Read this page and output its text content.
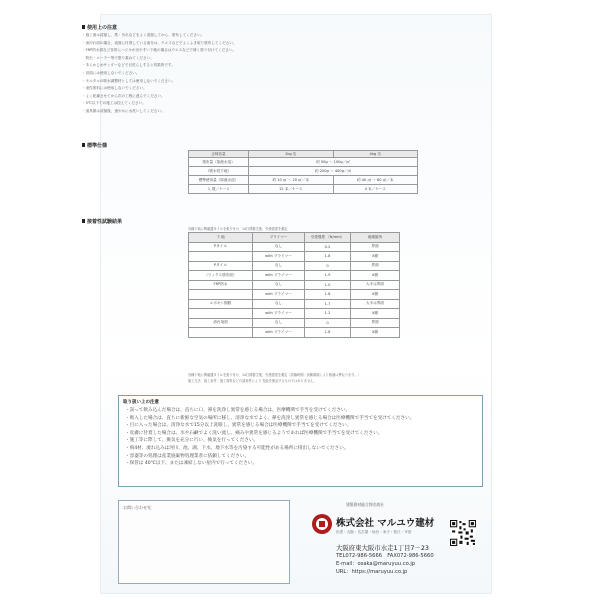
使用上の注意
・施工面は清掃し、埃・汚れなどをよく清掃してから、塗布してください。
・油汚れ面の場合、表面に付着している油分は、ウエスなどでよくふき取り塗布してください。
・FRP防水面など非常にハジキが出やすい下地の場合はウエスなどで薄く塗り付けてください。
　防虫・ローラー等で塗り重ねてください。
・あらかじめサンダーなどで目荒らしすると効果的です。
・旧面には使用しないでください。
・モルタルの吸水調整材としては使用しないでください。
・油性塗料には使用しないでください。
・よく乾燥させてから次の工程に進んでください。
・5℃以下での施工は控えてください。
・道具類は清掃後、速やかに水洗いしてください。
標準仕様
正味容量	1kg 缶	4kg 缶
塗布量（原液水溶）	約 50g ～ 100g／㎡	
（吸水性下地）	約 200g ～ 400g／㎡	
標準使用量（原液水溶）	約 10 ㎡ ～ 20 ㎡／本	約 40 ㎡ ～ 80 ㎡／本
入 数／ケース	12 本／ケース	4 本／ケース
接着性試験結果
各種下地に陶磁器タイルを張り付け、14日間養生後、引張強度を測定
下 地	プライマー	引張強度 （N/mm）	破壊箇所
Pタイル	なし	0.2	界面
	with プライマー	1.8	X層
Pタイル	なし	0	界面
（ワックス塗布面）	with プライマー	1.9	X層
FRP防水	なし	1.0	大半は界面
	with プライマー	1.8	X層
エポキシ樹脂	なし	1.7	大半は界面
	with プライマー	1.2	X層
油汚染面	なし	0	界面
	with プライマー	1.8	X層
各種下地に陶磁器タイルを張り付け、14日間養生後、引張強度を測定（試験時期・試験環境により数値は異なります。）
施工方法、施工条件、施工材料などの諸条件により 性能を保証するものではありません。
取り扱い上の注意
・誤って飲み込んだ場合は、直ちに口、鼻を洗浄し異常を感じる場合は、医療機関で手当を受けてください。
・吸入した場合は、直ちに新鮮な空気の場所に移し、清浄な水でよく、鼻を洗浄し異常を感じる場合は医療機関で手当てを受けてください。
・目に入った場合は、清浄な水で15分以上洗眼し、異常を感じる場合は医療機関で手当てを受けてください。
・皮膚に付着した場合は、水や石鹸でよく洗い流し、痛みや異常を感じるようであれば医療機関で手当てを受けてください。
・施工等に際して、換気を充分に行い、換気を行ってください。
・飛4材、流れ込みは河川、池、湖、下水、地下水等を汚染する可能性がある場所に排出しないでください。
・容器等の処理は産業廃棄物処理業者に依頼してください。
・保管は 40℃以下、または凍結しない屋内で行ってください。
お問い合わせ先：
建築資材総合卸売商社
株式会社 マルユウ建材
出雲・大阪・名古屋・仙台・米子・松江・平田
大阪府東大阪市水走1丁目7－23
TEL072-986-5666　FAX072-986-5660
E-mail：osaka@maruyuu.co.jp
URL：https://maruyuu.co.jp
